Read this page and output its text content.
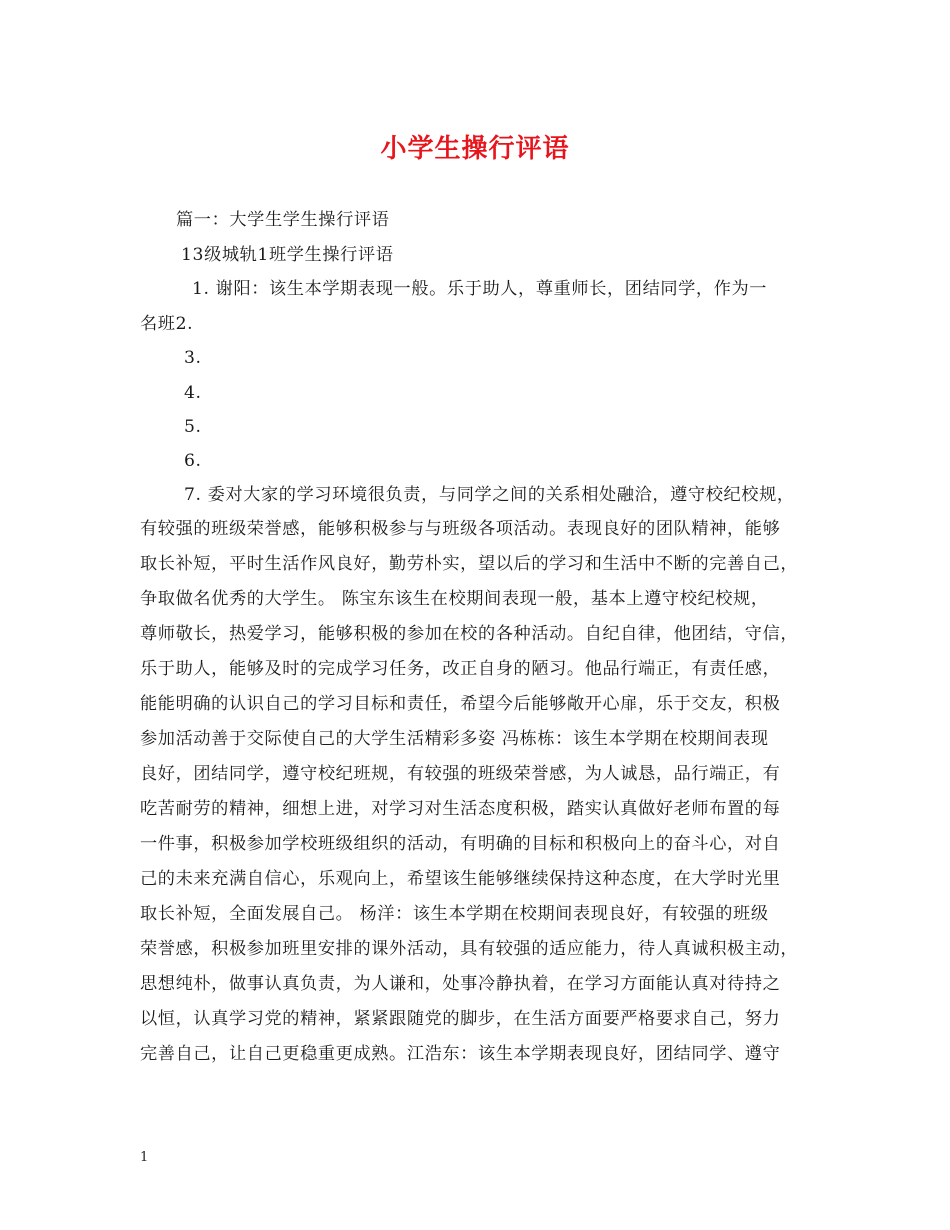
小学生操行评语
篇一：大学生学生操行评语
13级城轨1班学生操行评语
1. 谢阳：该生本学期表现一般。乐于助人，尊重师长，团结同学，作为一
名班2.
3.
4.
5.
6.
7. 委对大家的学习环境很负责，与同学之间的关系相处融洽，遵守校纪校规，
有较强的班级荣誉感，能够积极参与与班级各项活动。表现良好的团队精神，能够
取长补短，平时生活作风良好，勤劳朴实，望以后的学习和生活中不断的完善自己，
争取做名优秀的大学生。 陈宝东该生在校期间表现一般，基本上遵守校纪校规，
尊师敬长，热爱学习，能够积极的参加在校的各种活动。自纪自律，他团结，守信，
乐于助人，能够及时的完成学习任务，改正自身的陋习。他品行端正，有责任感，
能能明确的认识自己的学习目标和责任，希望今后能够敞开心扉，乐于交友，积极
参加活动善于交际使自己的大学生活精彩多姿 冯栋栋：该生本学期在校期间表现
良好，团结同学，遵守校纪班规，有较强的班级荣誉感，为人诚恳，品行端正，有
吃苦耐劳的精神，细想上进，对学习对生活态度积极，踏实认真做好老师布置的每
一件事，积极参加学校班级组织的活动，有明确的目标和积极向上的奋斗心，对自
己的未来充满自信心，乐观向上，希望该生能够继续保持这种态度，在大学时光里
取长补短，全面发展自己。 杨洋：该生本学期在校期间表现良好，有较强的班级
荣誉感，积极参加班里安排的课外活动，具有较强的适应能力，待人真诚积极主动，
思想纯朴，做事认真负责，为人谦和，处事冷静执着，在学习方面能认真对待持之
以恒，认真学习党的精神，紧紧跟随党的脚步，在生活方面要严格要求自己，努力
完善自己，让自己更稳重更成熟。江浩东：该生本学期表现良好，团结同学、遵守
1
